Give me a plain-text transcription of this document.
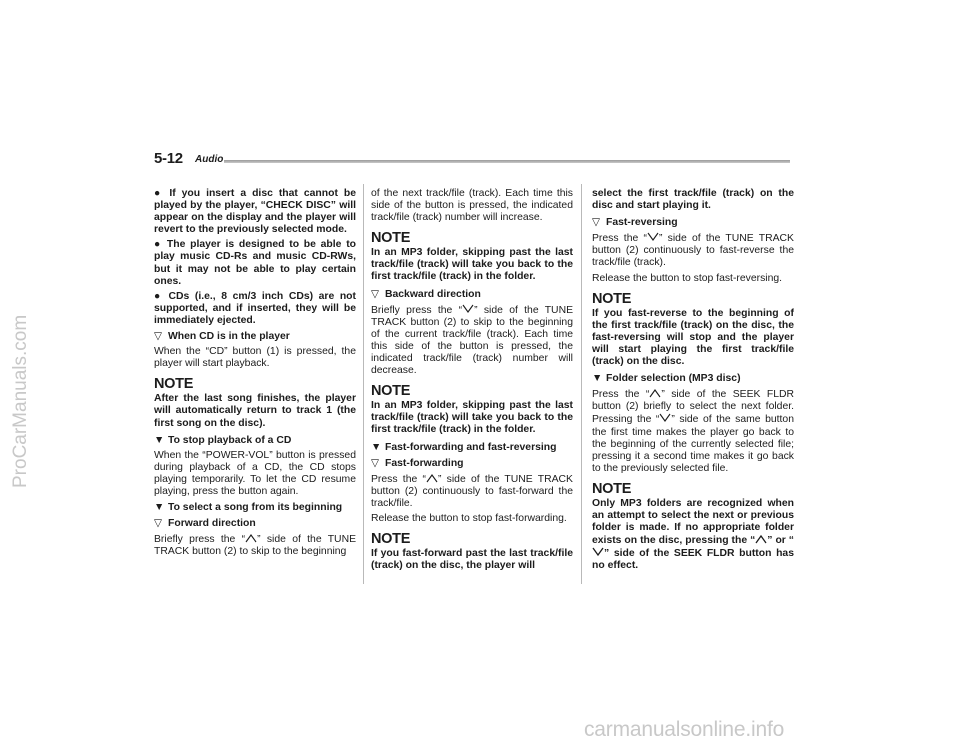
ProCarManuals.com
5-12 Audio

● If you insert a disc that cannot be played by the player, “CHECK DISC” will appear on the display and the player will revert to the previously selected mode.

● The player is designed to be able to play music CD-Rs and music CD-RWs, but it may not be able to play certain ones.

● CDs (i.e., 8 cm/3 inch CDs) are not supported, and if inserted, they will be immediately ejected.

▽ When CD is in the player

When the “CD” button (1) is pressed, the player will start playback.

NOTE

After the last song finishes, the player will automatically return to track 1 (the first song on the disc).

▼ To stop playback of a CD

When the “POWER-VOL” button is pressed during playback of a CD, the CD stops playing temporarily. To let the CD resume playing, press the button again.

▼ To select a song from its beginning
▽ Forward direction

Briefly press the “ ” side of the TUNE TRACK button (2) to skip to the beginning

of the next track/file (track). Each time this side of the button is pressed, the indicated track/file (track) number will increase.

NOTE

In an MP3 folder, skipping past the last track/file (track) will take you back to the first track/file (track) in the folder.

▽ Backward direction

Briefly press the “ ” side of the TUNE TRACK button (2) to skip to the beginning of the current track/file (track). Each time this side of the button is pressed, the indicated track/file (track) number will decrease.

NOTE

In an MP3 folder, skipping past the last track/file (track) will take you back to the first track/file (track) in the folder.

▼ Fast-forwarding and fast-reversing
▽ Fast-forwarding

Press the “ ” side of the TUNE TRACK button (2) continuously to fast-forward the track/file.

Release the button to stop fast-forwarding.

NOTE

If you fast-forward past the last track/file (track) on the disc, the player will

select the first track/file (track) on the disc and start playing it.

▽ Fast-reversing

Press the “ ” side of the TUNE TRACK button (2) continuously to fast-reverse the track/file (track).

Release the button to stop fast-reversing.

NOTE

If you fast-reverse to the beginning of the first track/file (track) on the disc, the fast-reversing will stop and the player will start playing the first track/file (track) on the disc.

▼ Folder selection (MP3 disc)

Press the “ ” side of the SEEK FLDR button (2) briefly to select the next folder. Pressing the “ ” side of the same button the first time makes the player go back to the beginning of the currently selected file; pressing it a second time makes it go back to the previously selected file.

NOTE

Only MP3 folders are recognized when an attempt to select the next or previous folder is made. If no appropriate folder exists on the disc, pressing the “ ” or “” side of the SEEK FLDR button has no effect.

carmanualsonline.info
